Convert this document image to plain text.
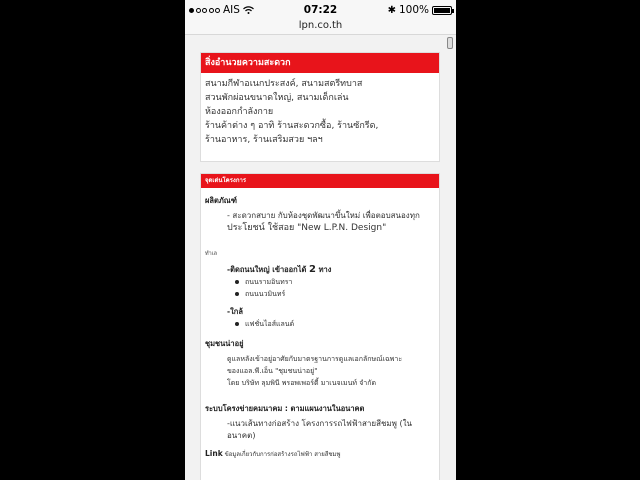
AIS	07:22	✱ 100%
lpn.co.th
สิ่งอำนวยความสะดวก
สนามกีฬาอเนกประสงค์, สนามสตรีทบาส
สวนพักผ่อนขนาดใหญ่, สนามเด็กเล่น
ห้องออกกำลังกาย
ร้านค้าต่าง ๆ อาทิ ร้านสะดวกซื้อ, ร้านซักรีด,
ร้านอาหาร, ร้านเสริมสวย ฯลฯ
จุดเด่นโครงการ
ผลิตภัณฑ์
- สะดวกสบาย กับห้องชุดพัฒนาขึ้นใหม่ เพื่อตอบสนองทุก
ประโยชน์ ใช้สอย "New L.P.N. Design"
ทำเล
-ติดถนนใหญ่ เข้าออกได้ 2 ทาง
ถนนรามอินทรา
ถนนนวมินทร์
-ใกล้
แฟชั่นไอส์แลนด์
ชุมชนน่าอยู่
ดูแลหลังเข้าอยู่อาศัยกับมาตรฐานการดูแลเอกลักษณ์เฉพาะ
ของแอล.พี.เอ็น "ชุมชนน่าอยู่"
โดย บริษัท ลุมพินี พรอพเพอร์ตี้ มาเนจเมนท์ จำกัด
ระบบโครงข่ายคมนาคม : ตามแผนงานในอนาคต
-แนวเส้นทางก่อสร้าง โครงการรถไฟฟ้าสายสีชมพู (ใน
อนาคต)
Link ข้อมูลเกี่ยวกับการก่อสร้างรถไฟฟ้า สายสีชมพู
